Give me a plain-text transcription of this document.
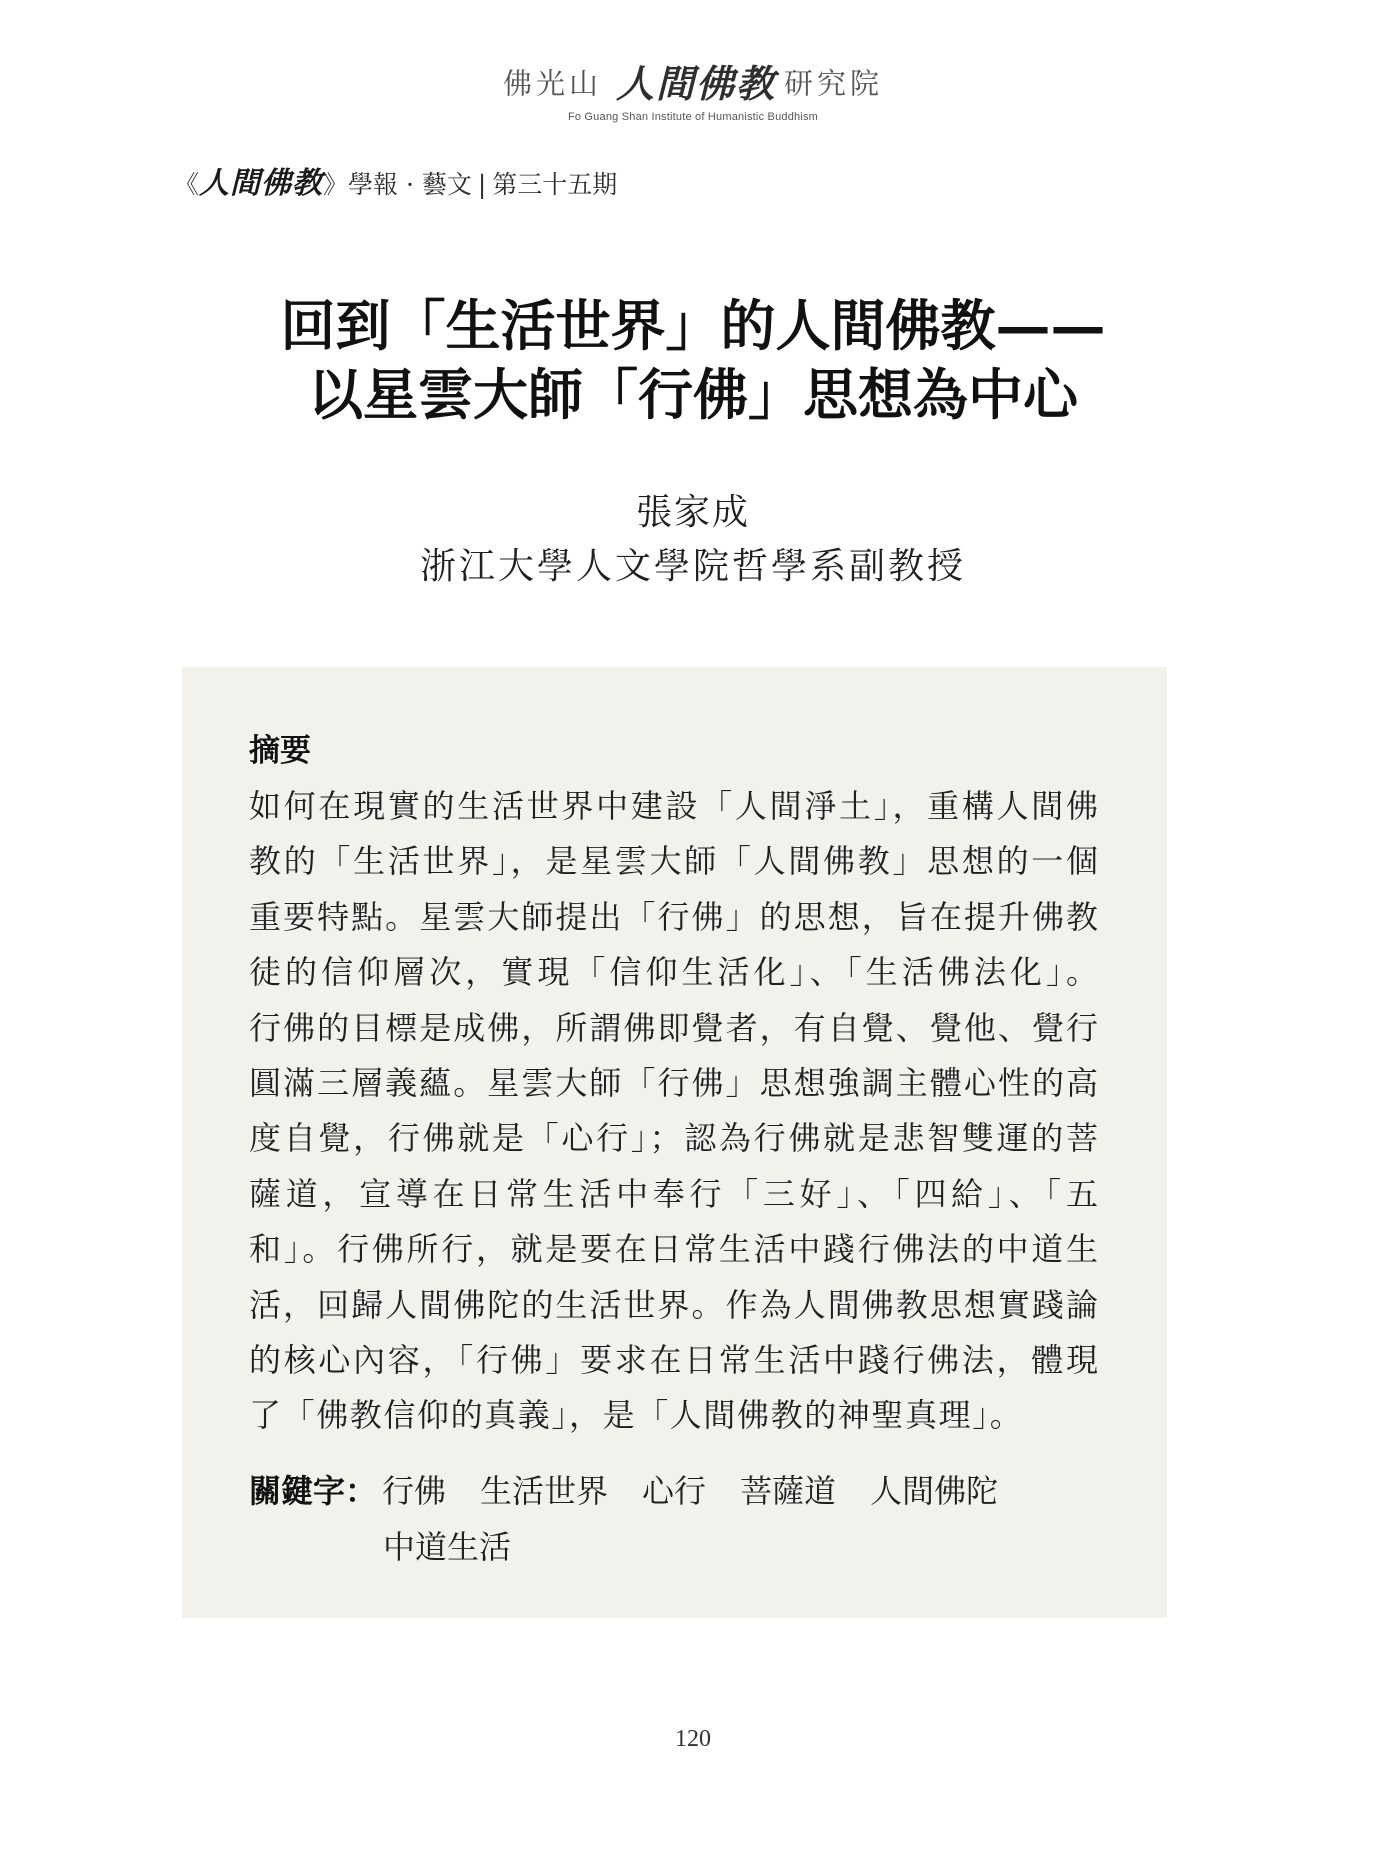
佛光山 人間佛教 研究院
Fo Guang Shan Institute of Humanistic Buddhism
《人間佛教》學報 · 藝文 | 第三十五期
回到「生活世界」的人間佛教——
以星雲大師「行佛」思想為中心
張家成
浙江大學人文學院哲學系副教授
摘要
如何在現實的生活世界中建設「人間淨土」，重構人間佛
教的「生活世界」，是星雲大師「人間佛教」思想的一個
重要特點。星雲大師提出「行佛」的思想，旨在提升佛教
徒的信仰層次，實現「信仰生活化」、「生活佛法化」。
行佛的目標是成佛，所謂佛即覺者，有自覺、覺他、覺行
圓滿三層義蘊。星雲大師「行佛」思想強調主體心性的高
度自覺，行佛就是「心行」；認為行佛就是悲智雙運的菩
薩道，宣導在日常生活中奉行「三好」、「四給」、「五
和」。行佛所行，就是要在日常生活中踐行佛法的中道生
活，回歸人間佛陀的生活世界。作為人間佛教思想實踐論
的核心內容，「行佛」要求在日常生活中踐行佛法，體現
了「佛教信仰的真義」，是「人間佛教的神聖真理」。
關鍵字： 行佛 生活世界 心行 菩薩道 人間佛陀
中道生活
120
